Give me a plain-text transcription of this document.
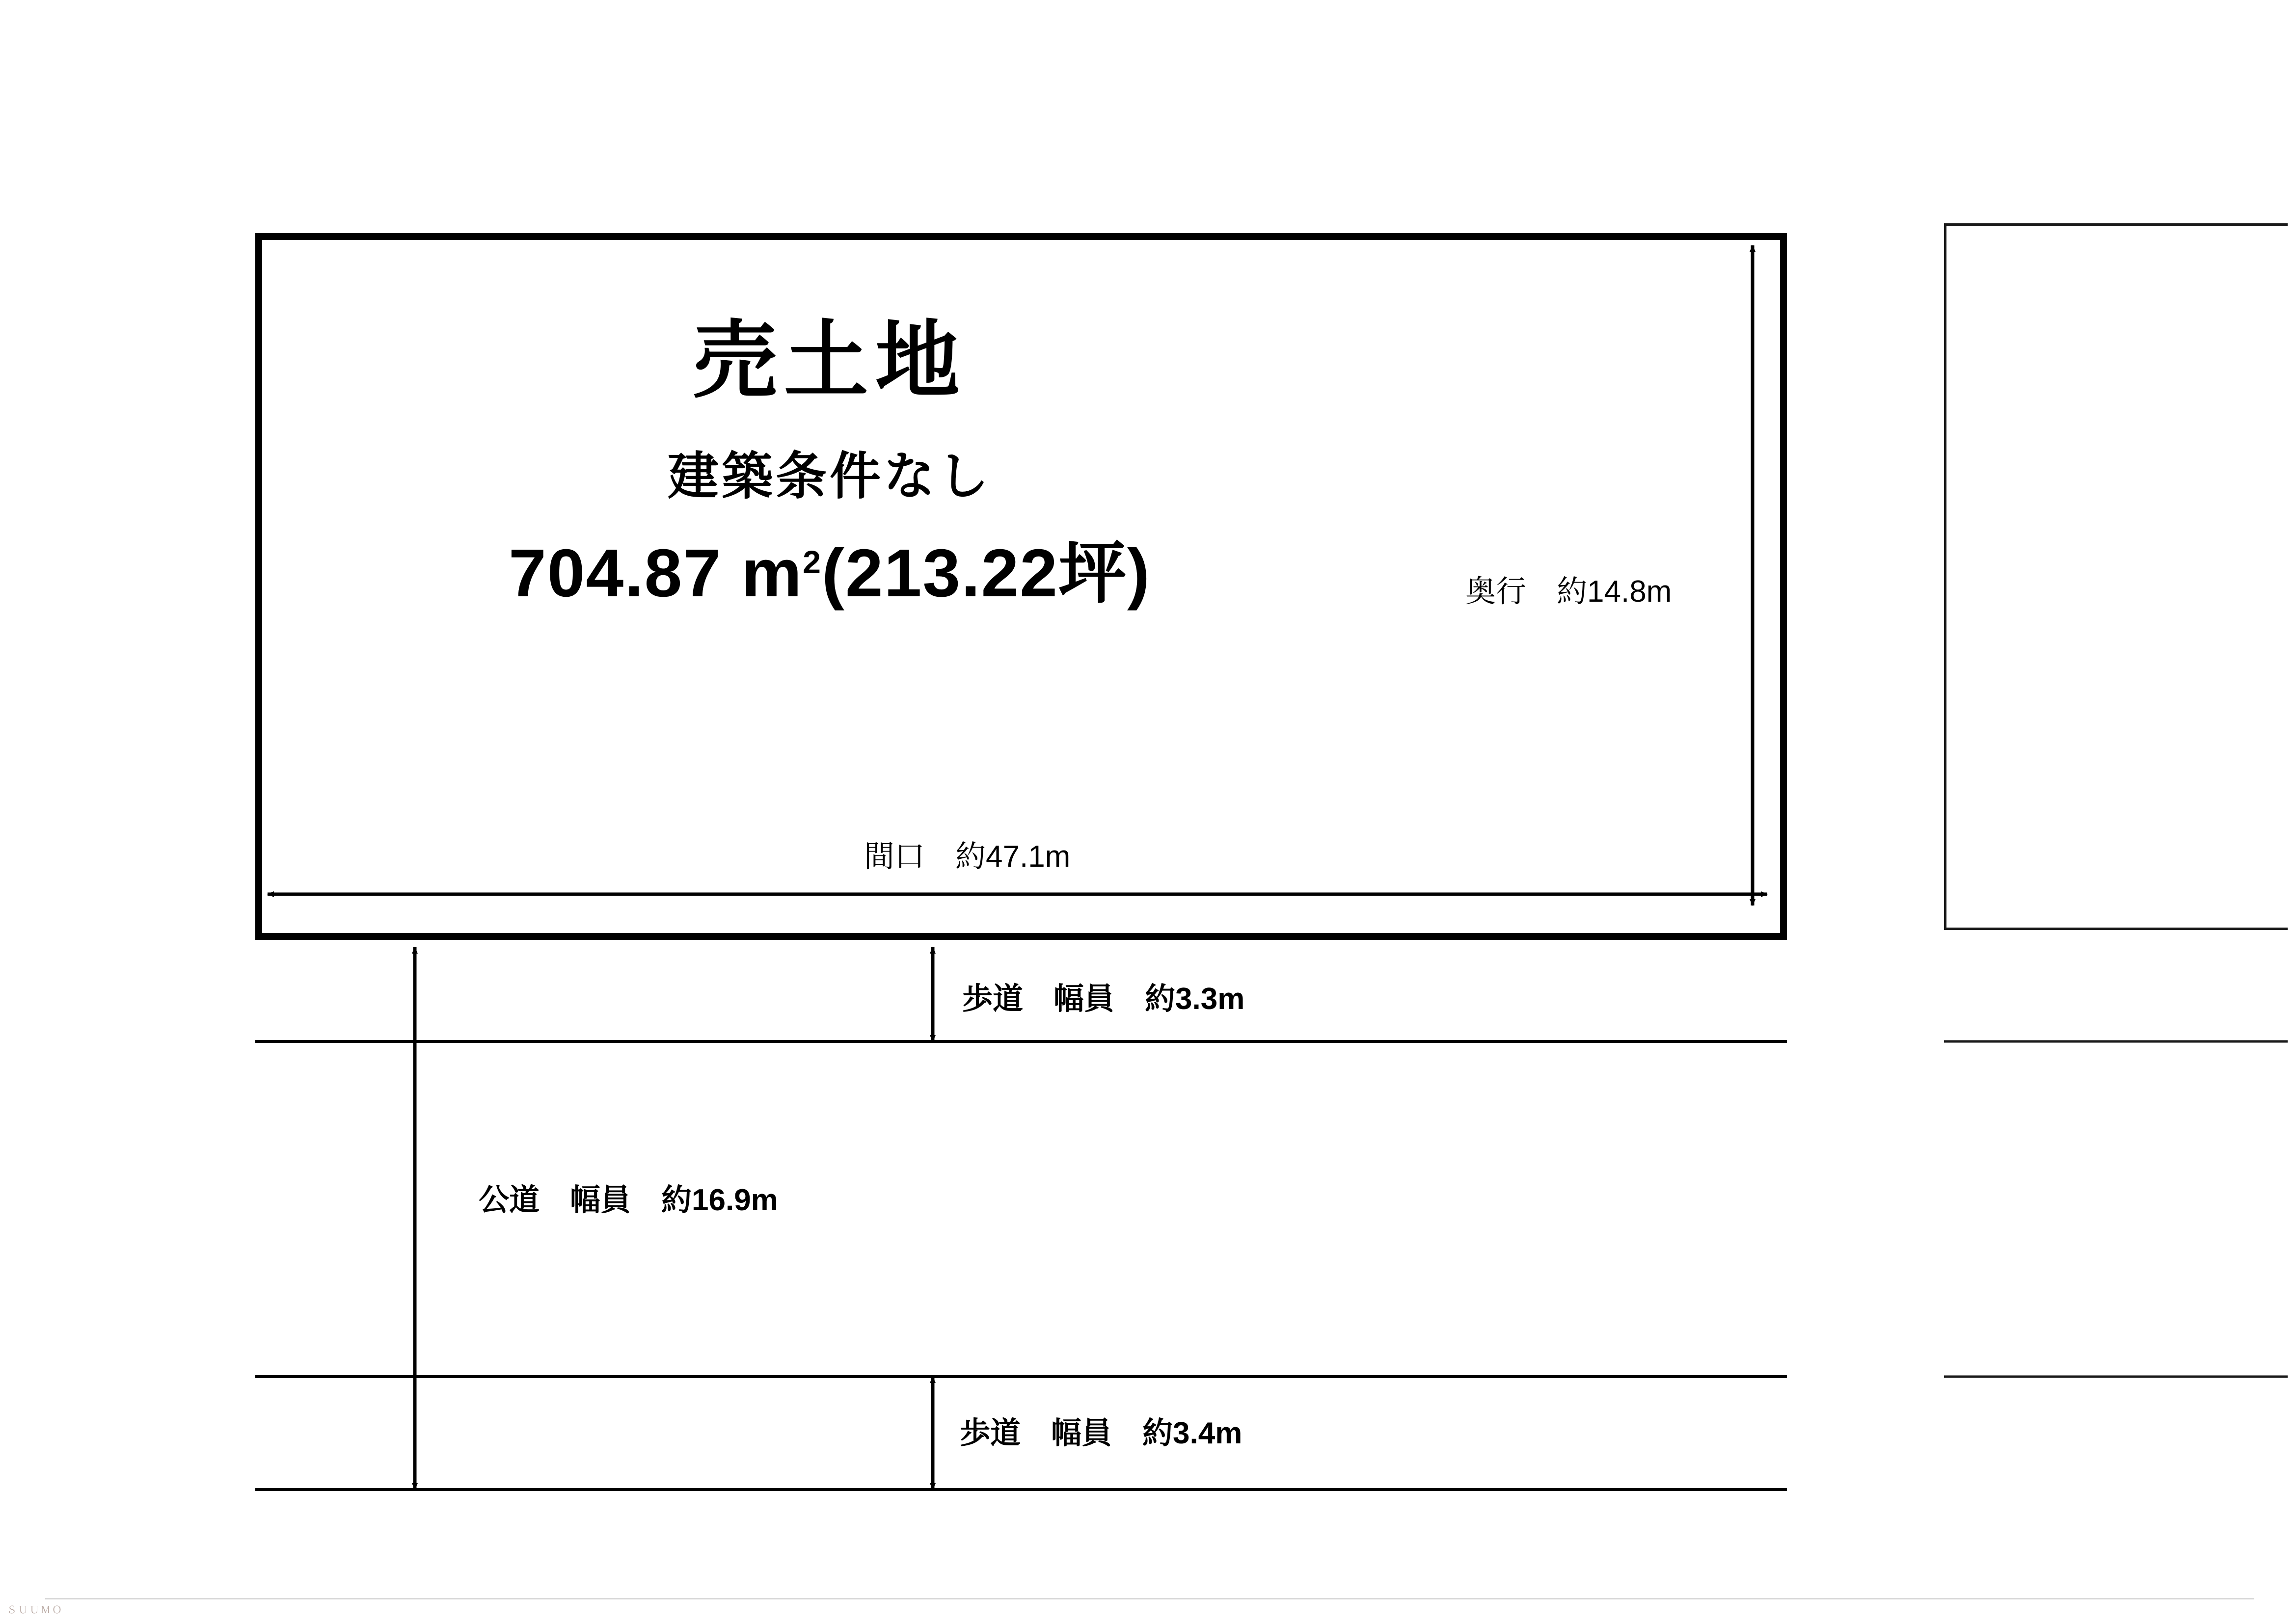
売土地
建築条件なし
704.87 $m^2(213.22$坪)	奥行　約14.8m
間口　約47.1m
歩道　幅員　約3.3m
公道　幅員　約16.9m
歩道　幅員　約3.4m
ＳＵＵＭＯ
